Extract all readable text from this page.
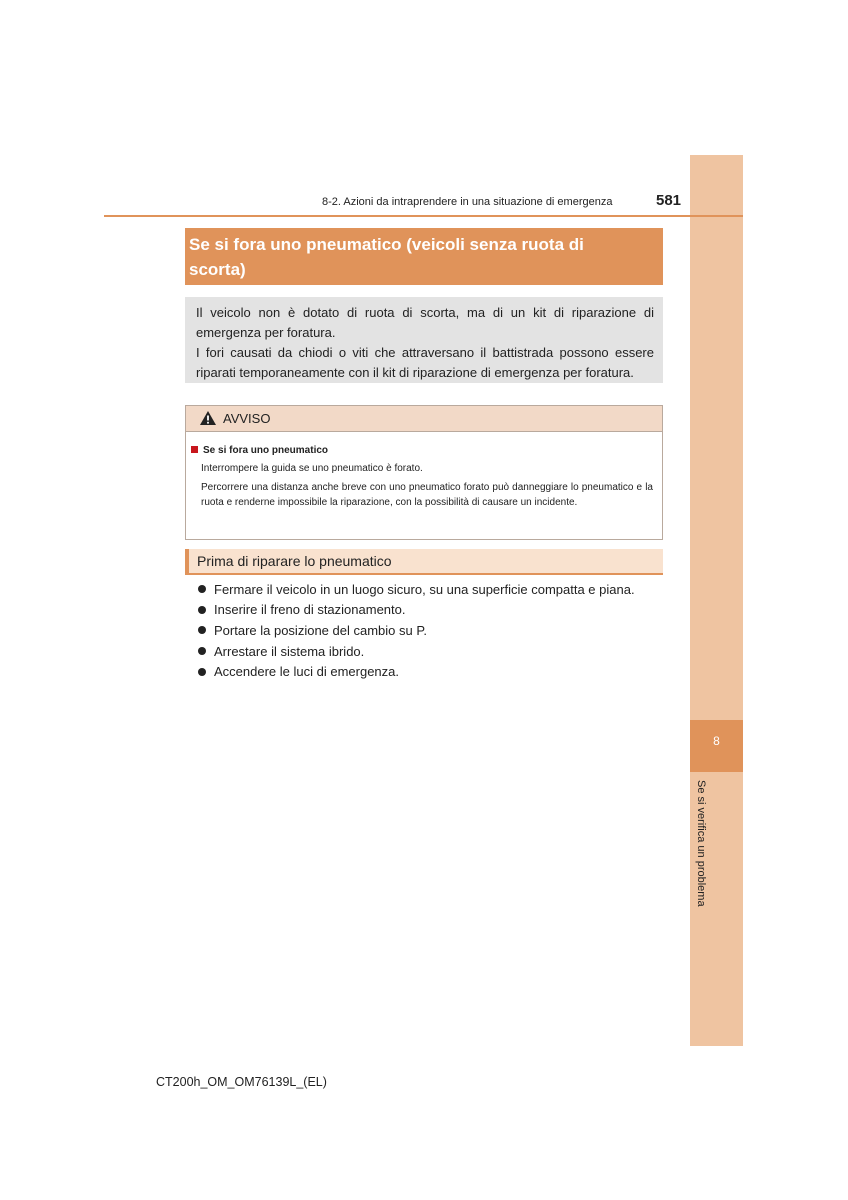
8
Se si verifica un problema
8-2. Azioni da intraprendere in una situazione di emergenza	581
Se si fora uno pneumatico (veicoli senza ruota di scorta)
Il veicolo non è dotato di ruota di scorta, ma di un kit di riparazione di emergenza per foratura.
I fori causati da chiodi o viti che attraversano il battistrada possono essere riparati temporaneamente con il kit di riparazione di emergenza per foratura.
AVVISO
Se si fora uno pneumatico
Interrompere la guida se uno pneumatico è forato.
Percorrere una distanza anche breve con uno pneumatico forato può danneggiare lo pneumatico e la ruota e renderne impossibile la riparazione, con la possibilità di causare un incidente.
Prima di riparare lo pneumatico
Fermare il veicolo in un luogo sicuro, su una superficie compatta e piana.
Inserire il freno di stazionamento.
Portare la posizione del cambio su P.
Arrestare il sistema ibrido.
Accendere le luci di emergenza.
CT200h_OM_OM76139L_(EL)
